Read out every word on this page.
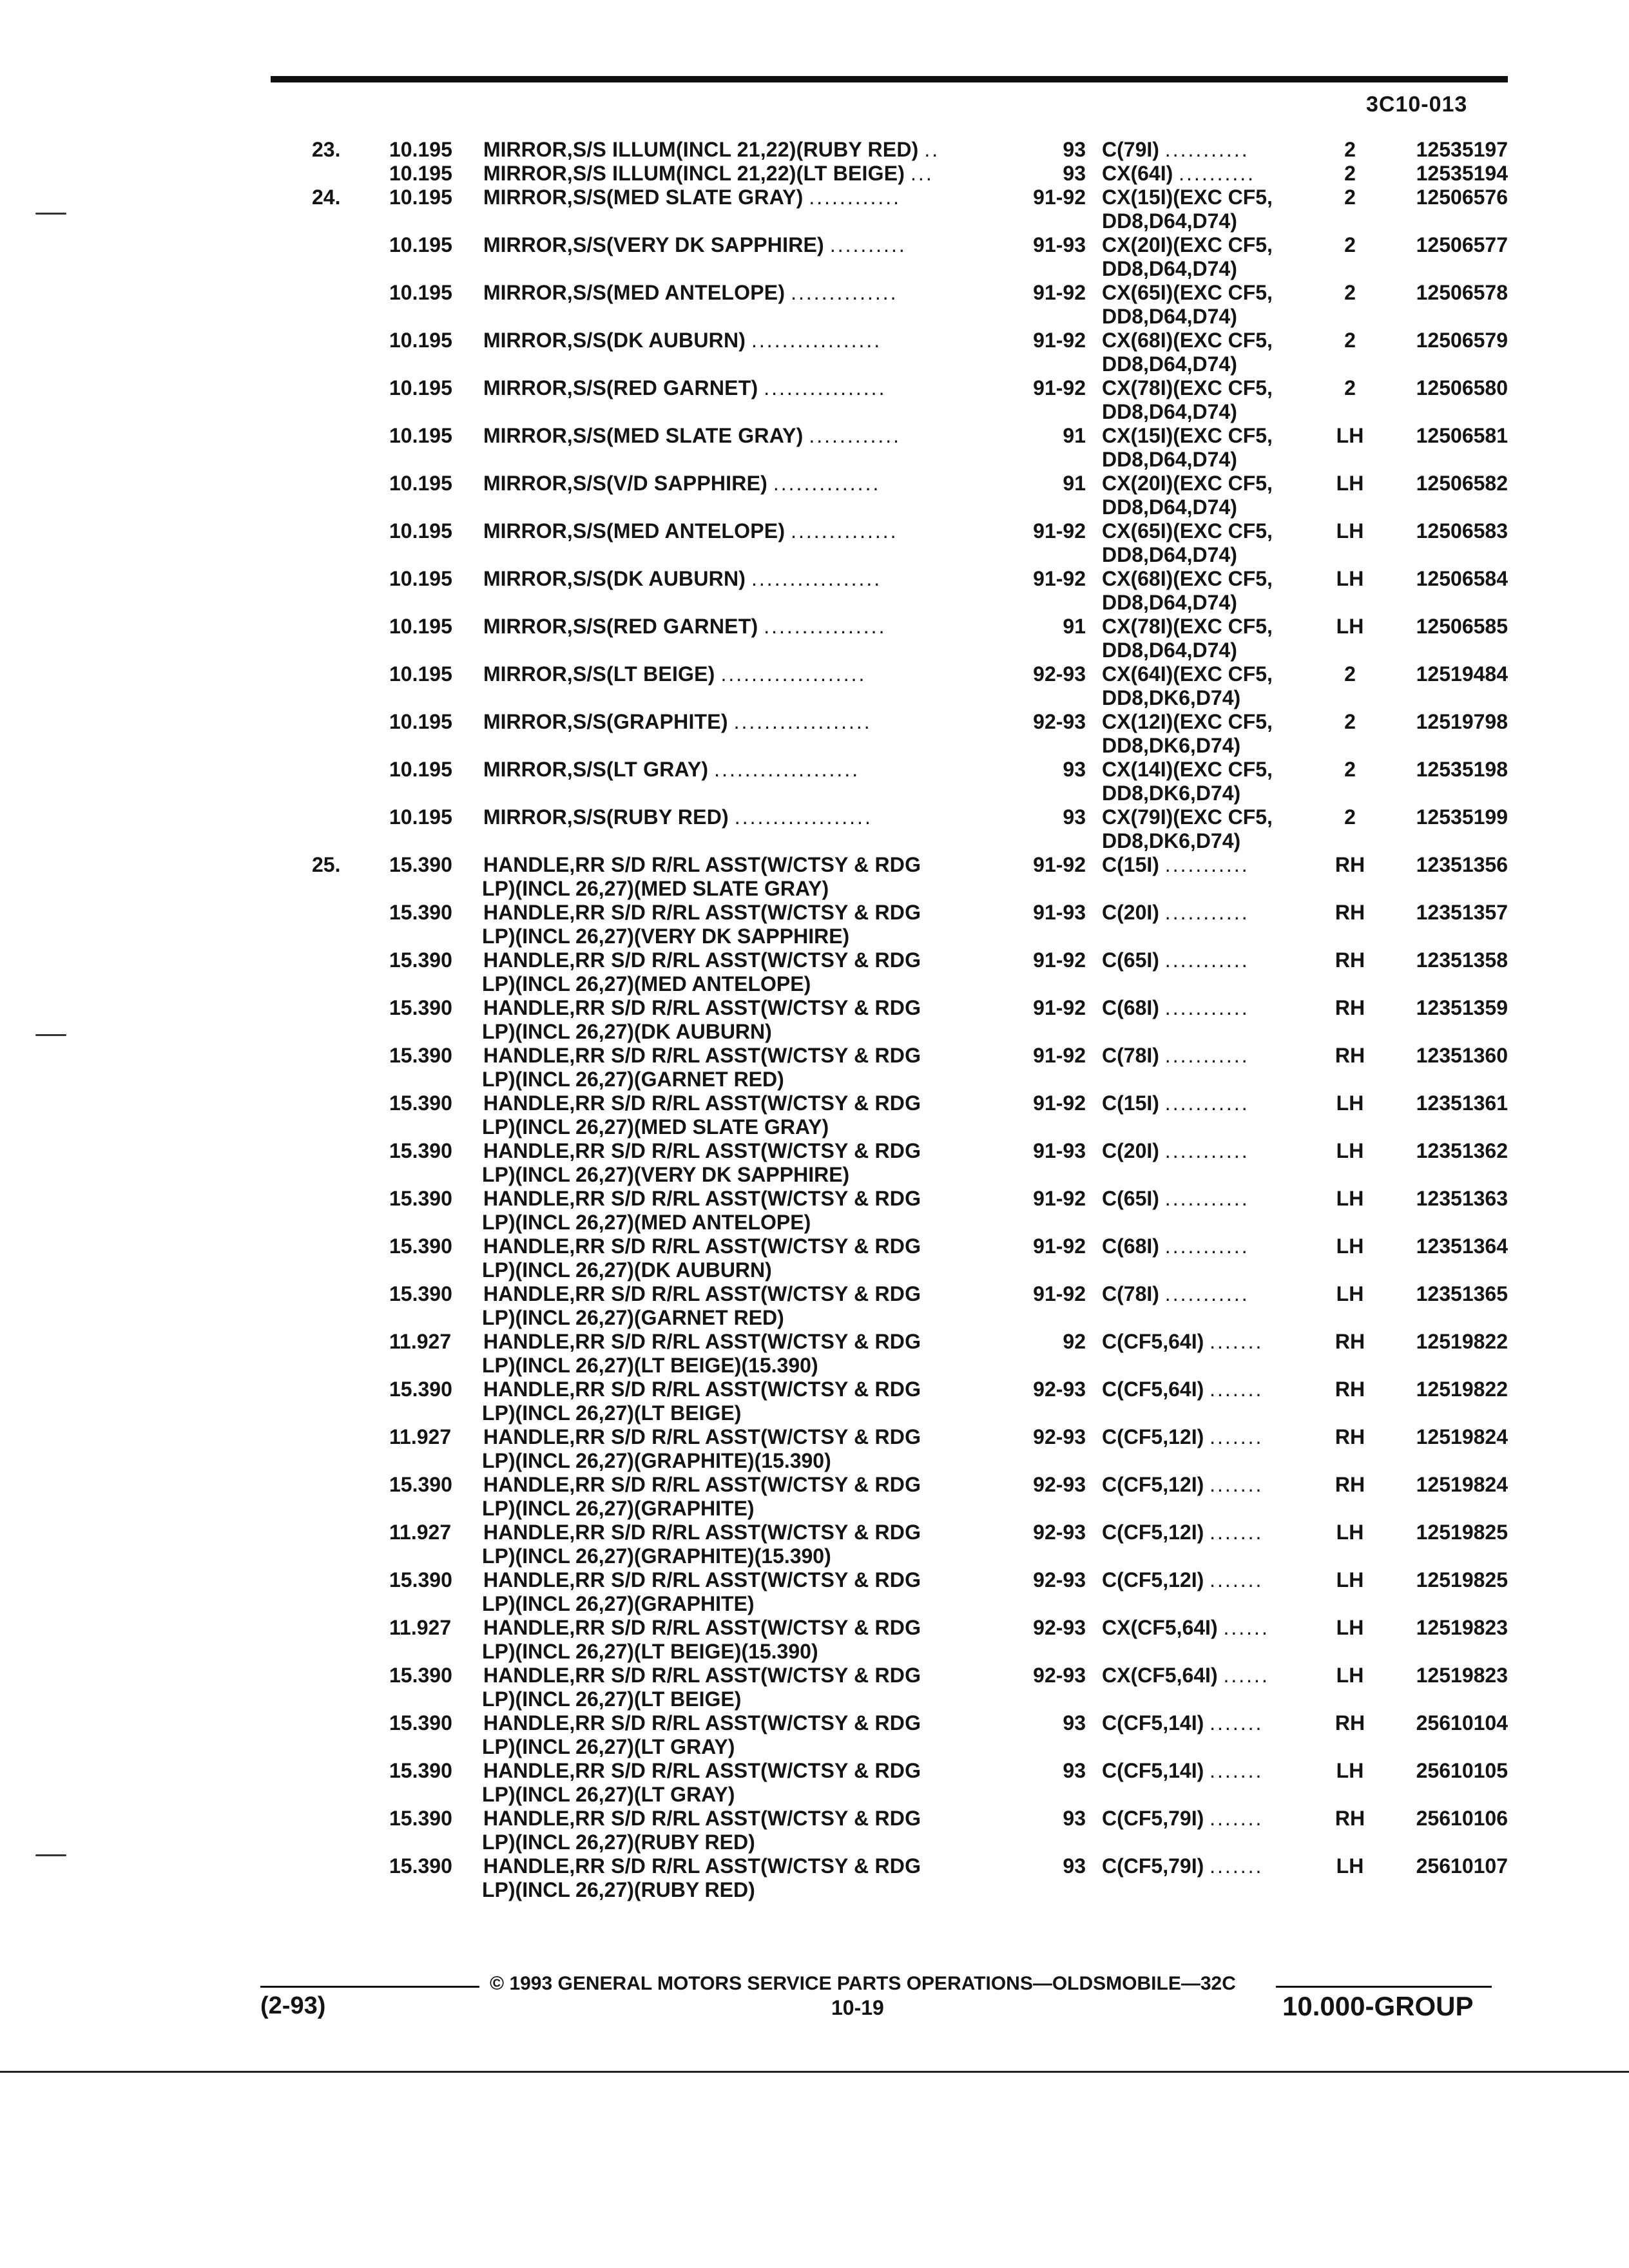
3C10-013
23.	10.195	MIRROR,S/S ILLUM(INCL 21,22)(RUBY RED) ..	93 C(79I) ...........	2	12535197
10.195	MIRROR,S/S ILLUM(INCL 21,22)(LT BEIGE) ...	93 CX(64I) ..........	2	12535194
24.	10.195	MIRROR,S/S(MED SLATE GRAY) ............	91-92 CX(15I)(EXC CF5,	2	12506576
DD8,D64,D74)
10.195	MIRROR,S/S(VERY DK SAPPHIRE) ..........	91-93 CX(20I)(EXC CF5,	2	12506577
DD8,D64,D74)
10.195	MIRROR,S/S(MED ANTELOPE) ..............	91-92 CX(65I)(EXC CF5,	2	12506578
DD8,D64,D74)
10.195	MIRROR,S/S(DK AUBURN) .................	91-92 CX(68I)(EXC CF5,	2	12506579
DD8,D64,D74)
10.195	MIRROR,S/S(RED GARNET) ................	91-92 CX(78I)(EXC CF5,	2	12506580
DD8,D64,D74)
10.195	MIRROR,S/S(MED SLATE GRAY) ............	91 CX(15I)(EXC CF5,	LH	12506581
DD8,D64,D74)
10.195	MIRROR,S/S(V/D SAPPHIRE) ..............	91 CX(20I)(EXC CF5,	LH	12506582
DD8,D64,D74)
10.195	MIRROR,S/S(MED ANTELOPE) ..............	91-92 CX(65I)(EXC CF5,	LH	12506583
DD8,D64,D74)
10.195	MIRROR,S/S(DK AUBURN) .................	91-92 CX(68I)(EXC CF5,	LH	12506584
DD8,D64,D74)
10.195	MIRROR,S/S(RED GARNET) ................	91 CX(78I)(EXC CF5,	LH	12506585
DD8,D64,D74)
10.195	MIRROR,S/S(LT BEIGE) ...................	92-93 CX(64I)(EXC CF5,	2	12519484
DD8,DK6,D74)
10.195	MIRROR,S/S(GRAPHITE) ..................	92-93 CX(12I)(EXC CF5,	2	12519798
DD8,DK6,D74)
10.195	MIRROR,S/S(LT GRAY) ...................	93 CX(14I)(EXC CF5,	2	12535198
DD8,DK6,D74)
10.195	MIRROR,S/S(RUBY RED) ..................	93 CX(79I)(EXC CF5,	2	12535199
DD8,DK6,D74)
25.	15.390	HANDLE,RR S/D R/RL ASST(W/CTSY & RDG	91-92 C(15I) ...........	RH	12351356
LP)(INCL 26,27)(MED SLATE GRAY)
15.390	HANDLE,RR S/D R/RL ASST(W/CTSY & RDG	91-93 C(20I) ...........	RH	12351357
LP)(INCL 26,27)(VERY DK SAPPHIRE)
15.390	HANDLE,RR S/D R/RL ASST(W/CTSY & RDG	91-92 C(65I) ...........	RH	12351358
LP)(INCL 26,27)(MED ANTELOPE)
15.390	HANDLE,RR S/D R/RL ASST(W/CTSY & RDG	91-92 C(68I) ...........	RH	12351359
LP)(INCL 26,27)(DK AUBURN)
15.390	HANDLE,RR S/D R/RL ASST(W/CTSY & RDG	91-92 C(78I) ...........	RH	12351360
LP)(INCL 26,27)(GARNET RED)
15.390	HANDLE,RR S/D R/RL ASST(W/CTSY & RDG	91-92 C(15I) ...........	LH	12351361
LP)(INCL 26,27)(MED SLATE GRAY)
15.390	HANDLE,RR S/D R/RL ASST(W/CTSY & RDG	91-93 C(20I) ...........	LH	12351362
LP)(INCL 26,27)(VERY DK SAPPHIRE)
15.390	HANDLE,RR S/D R/RL ASST(W/CTSY & RDG	91-92 C(65I) ...........	LH	12351363
LP)(INCL 26,27)(MED ANTELOPE)
15.390	HANDLE,RR S/D R/RL ASST(W/CTSY & RDG	91-92 C(68I) ...........	LH	12351364
LP)(INCL 26,27)(DK AUBURN)
15.390	HANDLE,RR S/D R/RL ASST(W/CTSY & RDG	91-92 C(78I) ...........	LH	12351365
LP)(INCL 26,27)(GARNET RED)
11.927	HANDLE,RR S/D R/RL ASST(W/CTSY & RDG	92 C(CF5,64I) .......	RH	12519822
LP)(INCL 26,27)(LT BEIGE)(15.390)
15.390	HANDLE,RR S/D R/RL ASST(W/CTSY & RDG	92-93 C(CF5,64I) .......	RH	12519822
LP)(INCL 26,27)(LT BEIGE)
11.927	HANDLE,RR S/D R/RL ASST(W/CTSY & RDG	92-93 C(CF5,12I) .......	RH	12519824
LP)(INCL 26,27)(GRAPHITE)(15.390)
15.390	HANDLE,RR S/D R/RL ASST(W/CTSY & RDG	92-93 C(CF5,12I) .......	RH	12519824
LP)(INCL 26,27)(GRAPHITE)
11.927	HANDLE,RR S/D R/RL ASST(W/CTSY & RDG	92-93 C(CF5,12I) .......	LH	12519825
LP)(INCL 26,27)(GRAPHITE)(15.390)
15.390	HANDLE,RR S/D R/RL ASST(W/CTSY & RDG	92-93 C(CF5,12I) .......	LH	12519825
LP)(INCL 26,27)(GRAPHITE)
11.927	HANDLE,RR S/D R/RL ASST(W/CTSY & RDG	92-93 CX(CF5,64I) ......	LH	12519823
LP)(INCL 26,27)(LT BEIGE)(15.390)
15.390	HANDLE,RR S/D R/RL ASST(W/CTSY & RDG	92-93 CX(CF5,64I) ......	LH	12519823
LP)(INCL 26,27)(LT BEIGE)
15.390	HANDLE,RR S/D R/RL ASST(W/CTSY & RDG	93 C(CF5,14I) .......	RH	25610104
LP)(INCL 26,27)(LT GRAY)
15.390	HANDLE,RR S/D R/RL ASST(W/CTSY & RDG	93 C(CF5,14I) .......	LH	25610105
LP)(INCL 26,27)(LT GRAY)
15.390	HANDLE,RR S/D R/RL ASST(W/CTSY & RDG	93 C(CF5,79I) .......	RH	25610106
LP)(INCL 26,27)(RUBY RED)
15.390	HANDLE,RR S/D R/RL ASST(W/CTSY & RDG	93 C(CF5,79I) .......	LH	25610107
LP)(INCL 26,27)(RUBY RED)
© 1993 GENERAL MOTORS SERVICE PARTS OPERATIONS—OLDSMOBILE—32C
(2-93)	10-19	10.000-GROUP
